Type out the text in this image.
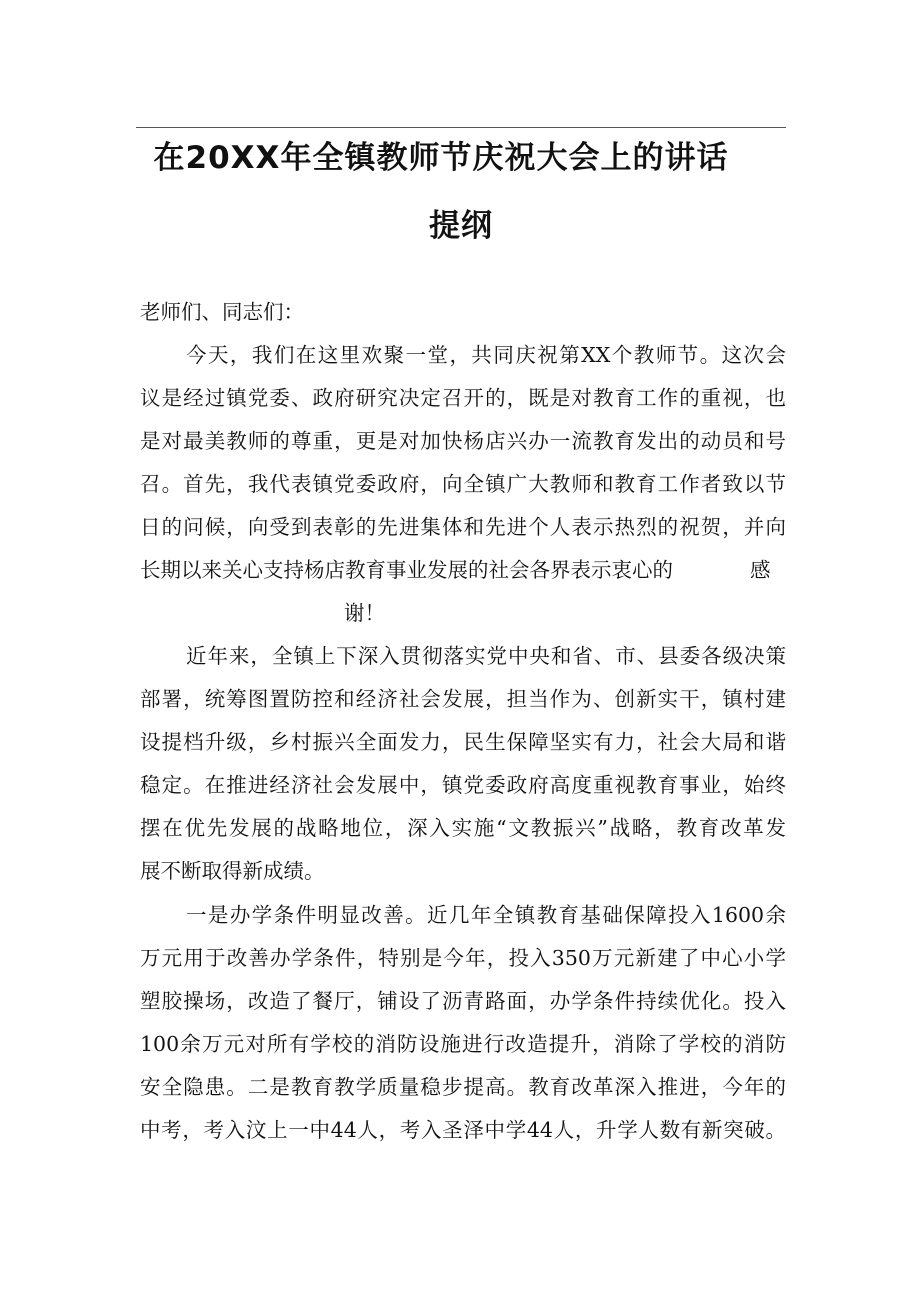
在20XX年全镇教师节庆祝大会上的讲话
提纲
老师们、同志们：
今天，我们在这里欢聚一堂，共同庆祝第XX个教师节。这次会
议是经过镇党委、政府研究决定召开的，既是对教育工作的重视，也
是对最美教师的尊重，更是对加快杨店兴办一流教育发出的动员和号
召。首先，我代表镇党委政府，向全镇广大教师和教育工作者致以节
日的问候，向受到表彰的先进集体和先进个人表示热烈的祝贺，并向
长期以来关心支持杨店教育事业发展的社会各界表示衷心的	感
谢！
近年来，全镇上下深入贯彻落实党中央和省、市、县委各级决策
部署，统筹图置防控和经济社会发展，担当作为、创新实干，镇村建
设提档升级，乡村振兴全面发力，民生保障坚实有力，社会大局和谐
稳定。在推进经济社会发展中，镇党委政府高度重视教育事业，始终
摆在优先发展的战略地位，深入实施“文教振兴”战略，教育改革发
展不断取得新成绩。
一是办学条件明显改善。近几年全镇教育基础保障投入1600余
万元用于改善办学条件，特别是今年，投入350万元新建了中心小学
塑胶操场，改造了餐厅，铺设了沥青路面，办学条件持续优化。投入
100余万元对所有学校的消防设施进行改造提升，消除了学校的消防
安全隐患。二是教育教学质量稳步提高。教育改革深入推进，今年的
中考，考入汶上一中44人，考入圣泽中学44人，升学人数有新突破。
